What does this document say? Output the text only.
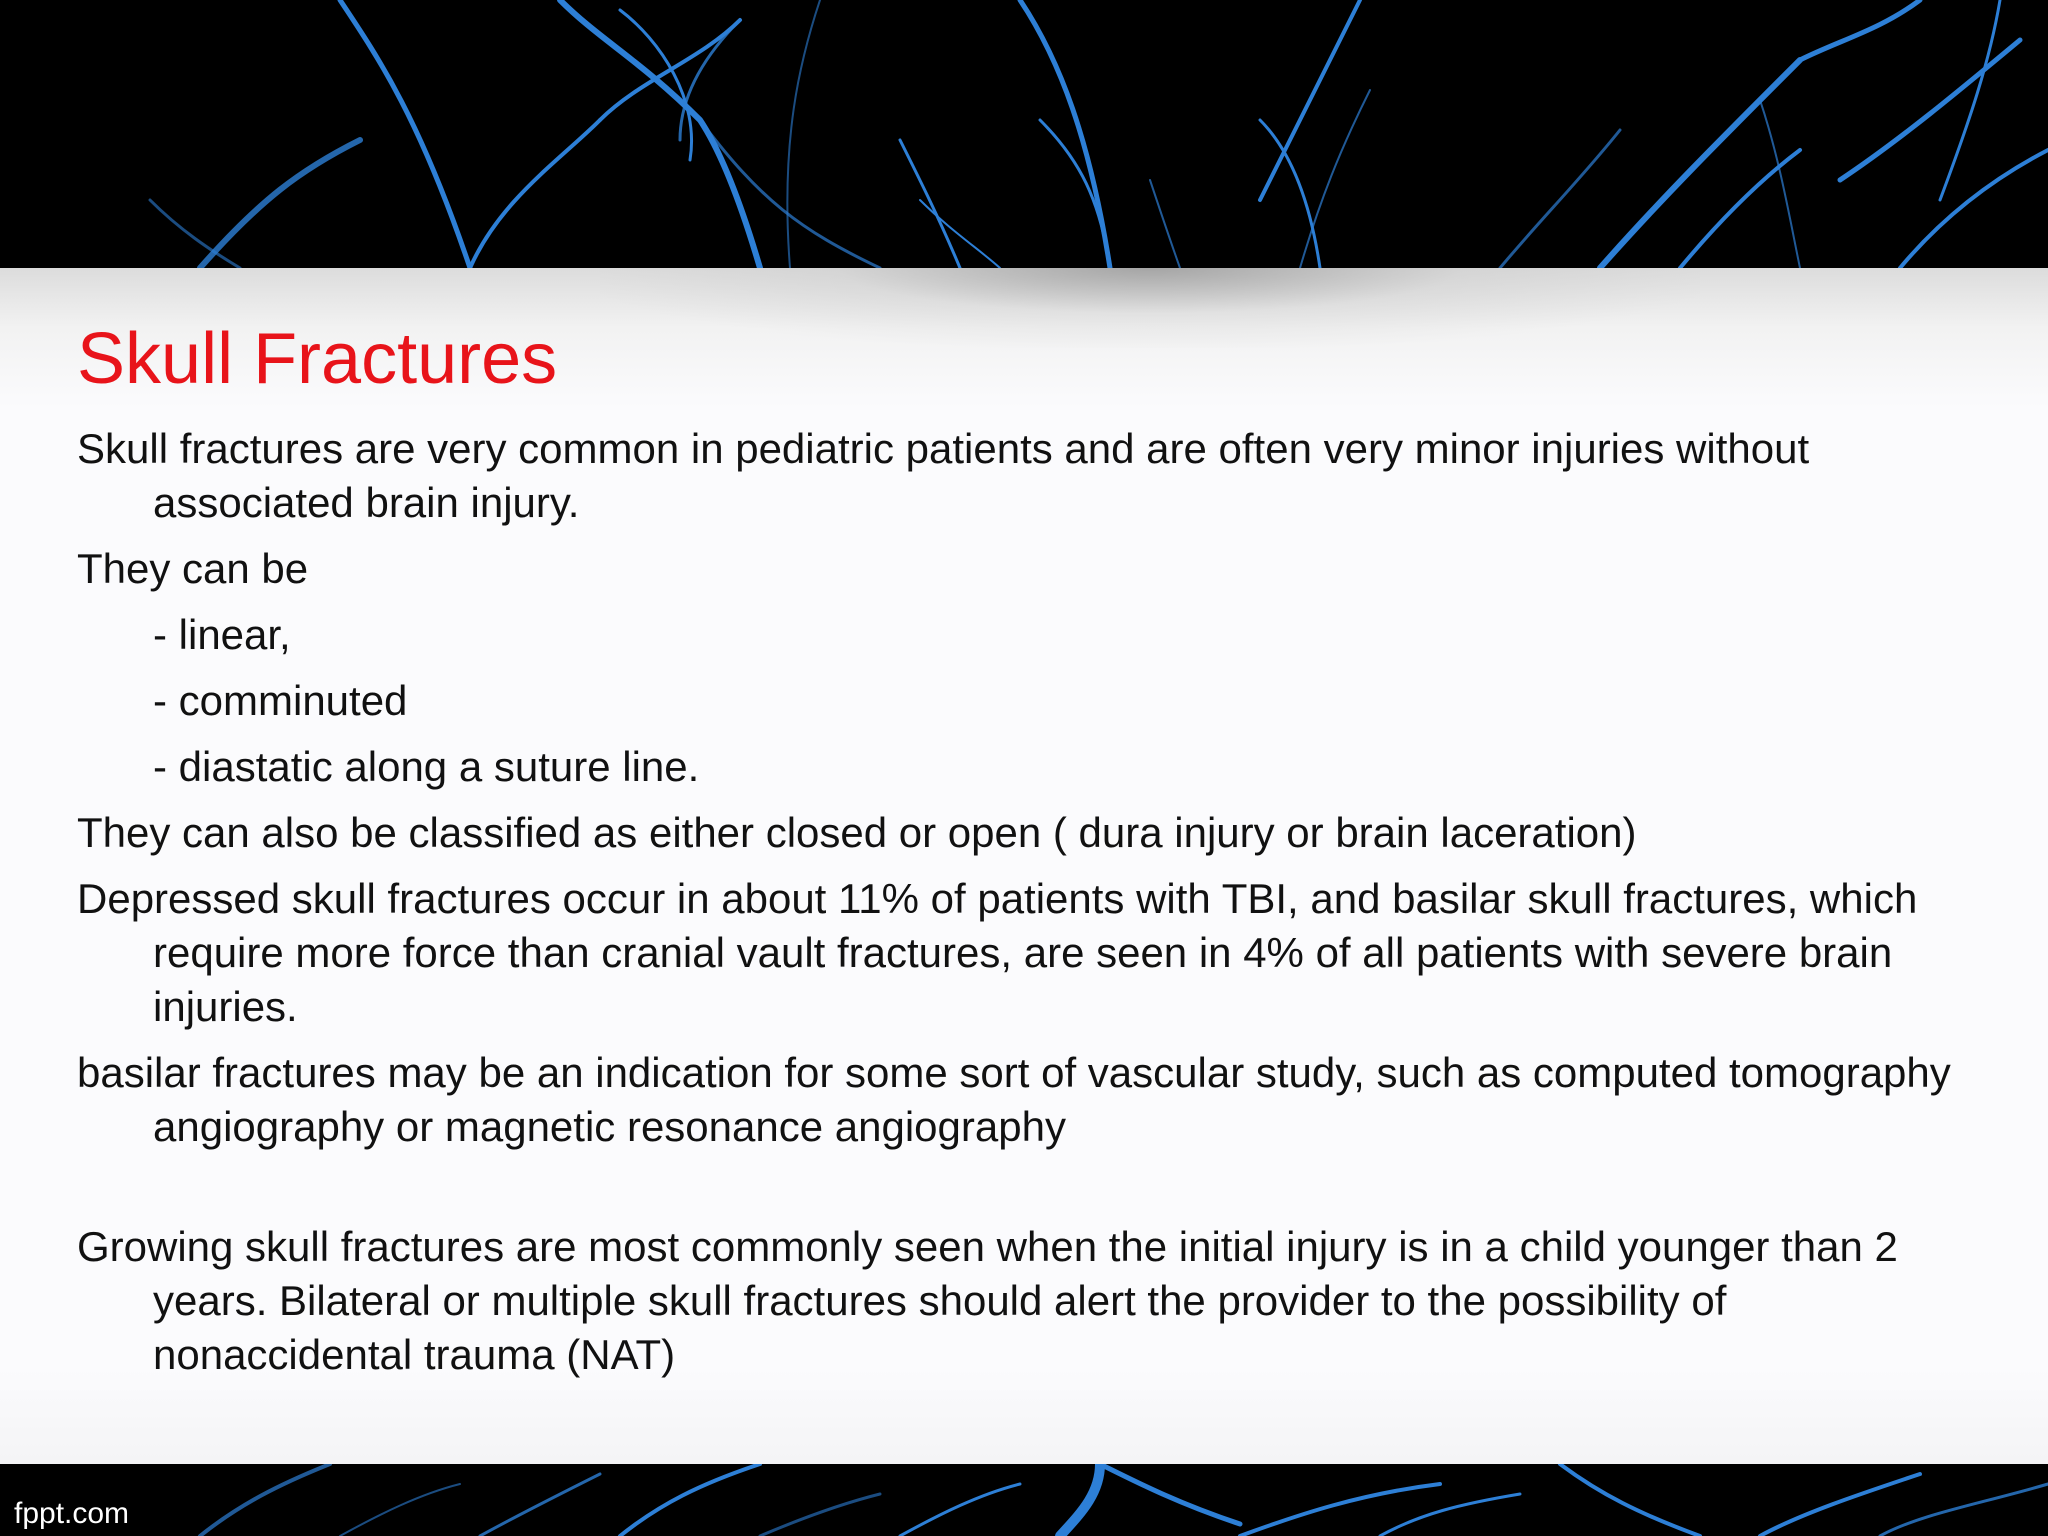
Skull Fractures

Skull fractures are very common in pediatric patients and are often very minor injuries without associated brain injury.

They can be

- linear,

- comminuted

- diastatic along a suture line.

They can also be classified as either closed or open ( dura injury or brain laceration)

Depressed skull fractures occur in about 11% of patients with TBI, and basilar skull fractures, which require more force than cranial vault fractures, are seen in 4% of all patients with severe brain injuries.

basilar fractures may be an indication for some sort of vascular study, such as computed tomography angiography or magnetic resonance angiography

Growing skull fractures are most commonly seen when the initial injury is in a child younger than 2 years. Bilateral or multiple skull fractures should alert the provider to the possibility of nonaccidental trauma (NAT)

fppt.com
